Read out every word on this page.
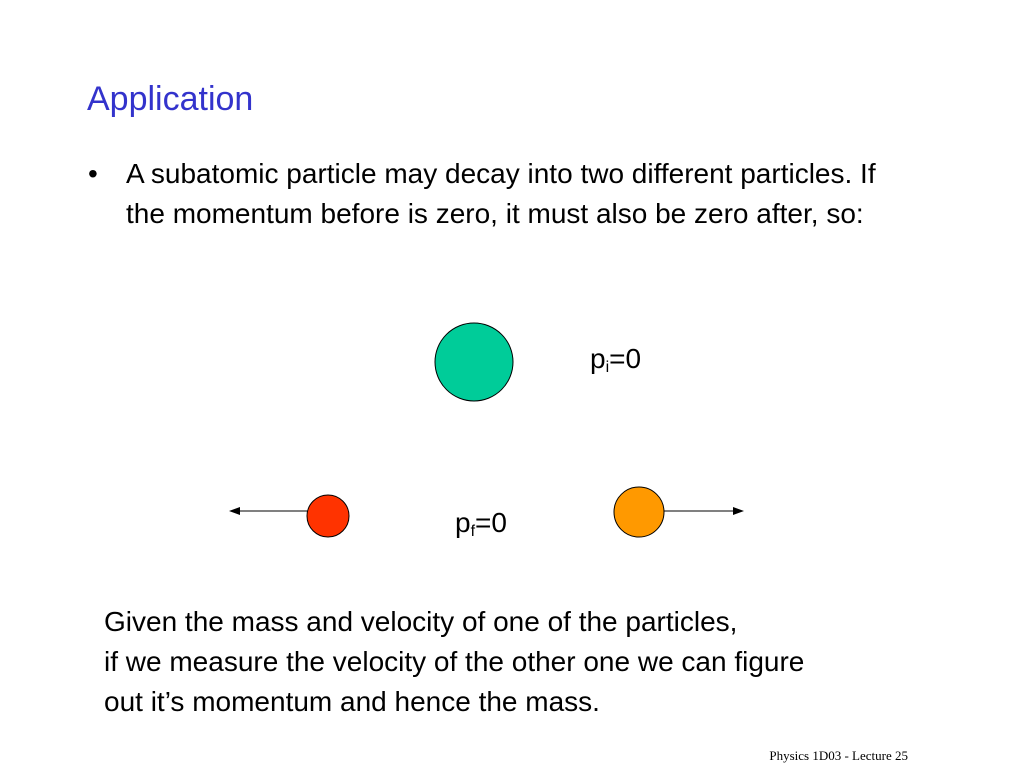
Application
• A subatomic particle may decay into two different particles. If the momentum before is zero, it must also be zero after, so:
$p_i=0$
$p_f=0$
Given the mass and velocity of one of the particles,
if we measure the velocity of the other one we can figure
out it’s momentum and hence the mass.
Physics 1D03 - Lecture 25
